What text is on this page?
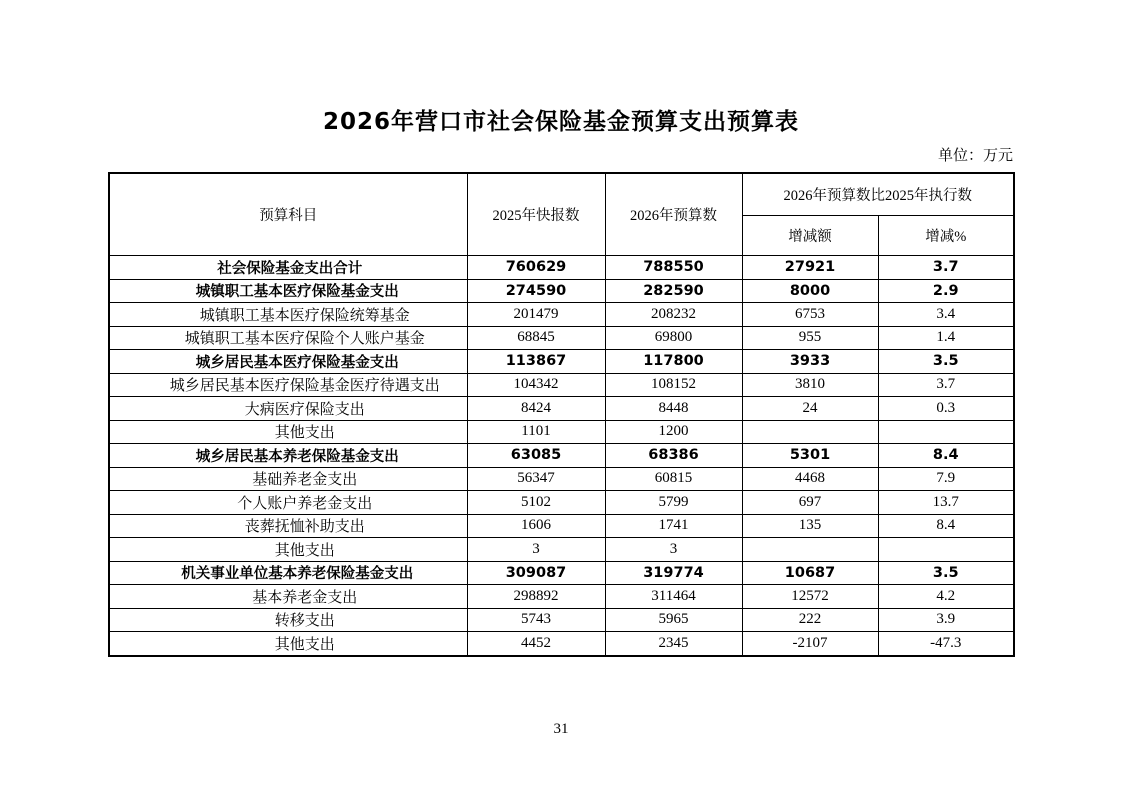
2026年营口市社会保险基金预算支出预算表
单位：万元
预算科目	2025年快报数	2026年预算数	2026年预算数比2025年执行数	
			增减额	增减%
社会保险基金支出合计	760629	788550	27921	3.7
城镇职工基本医疗保险基金支出	274590	282590	8000	2.9
城镇职工基本医疗保险统筹基金	201479	208232	6753	3.4
城镇职工基本医疗保险个人账户基金	68845	69800	955	1.4
城乡居民基本医疗保险基金支出	113867	117800	3933	3.5
城乡居民基本医疗保险基金医疗待遇支出	104342	108152	3810	3.7
大病医疗保险支出	8424	8448	24	0.3
其他支出	1101	1200		
城乡居民基本养老保险基金支出	63085	68386	5301	8.4
基础养老金支出	56347	60815	4468	7.9
个人账户养老金支出	5102	5799	697	13.7
丧葬抚恤补助支出	1606	1741	135	8.4
其他支出	3	3		
机关事业单位基本养老保险基金支出	309087	319774	10687	3.5
基本养老金支出	298892	311464	12572	4.2
转移支出	5743	5965	222	3.9
其他支出	4452	2345	-2107	-47.3
31
